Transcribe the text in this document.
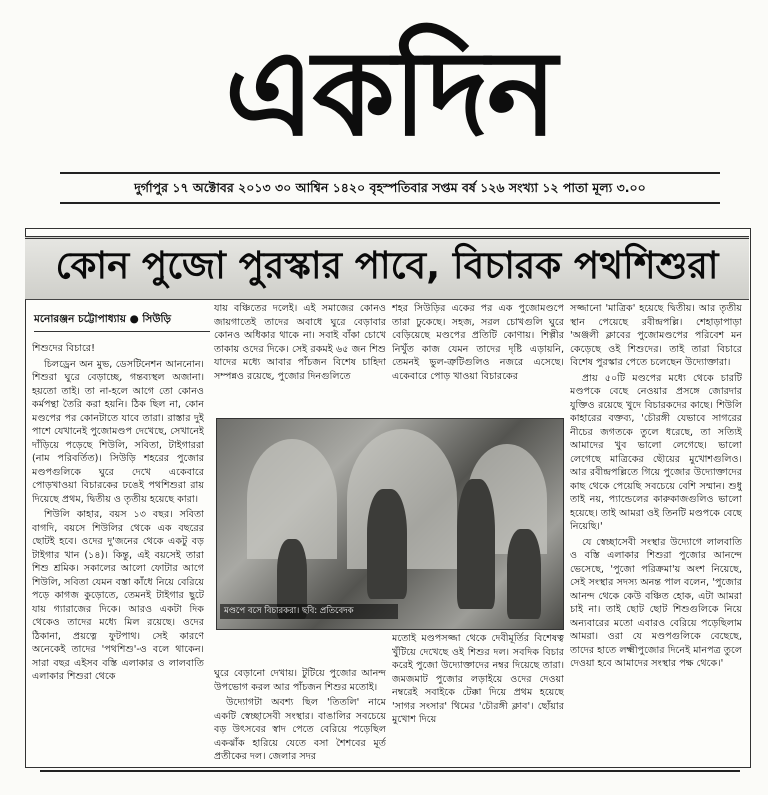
একদিন
দুর্গাপুর ১৭ অক্টোবর ২০১৩ ৩০ আশ্বিন ১৪২০ বৃহস্পতিবার সপ্তম বর্ষ ১২৬ সংখ্যা ১২ পাতা মূল্য ৩.০০
কোন পুজো পুরস্কার পাবে, বিচারক পথশিশুরা
মনোরঞ্জন চট্টোপাধ্যায় ● সিউড়ি

শিশুদের বিচারে!

চিলড্রেন অন মুভ, ডেসটিনেশন আননোন। শিশুরা ঘুরে বেড়াচ্ছে, গন্তব্যস্থল অজানা। হয়তো তাই। তা না-হলে আগে তো কোনও কর্মপন্থা তৈরি করা হয়নি। ঠিক ছিল না, কোন মণ্ডপের পর কোনটাতে যাবে তারা। রাস্তার দুই পাশে যেখানেই পুজোমণ্ডপ দেখেছে, সেখানেই দাঁড়িয়ে পড়েছে শিউলি, সবিতা, টাইগাররা (নাম পরিবর্তিত)। সিউড়ি শহরের পুজোর মণ্ডপগুলিকে ঘুরে দেখে একেবারে পোড়খাওয়া বিচারকের ঢঙেই পথশিশুরা রায় দিয়েছে প্রথম, দ্বিতীয় ও তৃতীয় হয়েছে কারা।

শিউলি কাহার, বয়স ১৩ বছর। সবিতা বাগদি, বয়সে শিউলির থেকে এক বছরের ছোটই হবে। ওদের দু'জনের থেকে একটু বড় টাইগার খান (১৪)। কিন্তু, এই বয়সেই তারা শিশু শ্রমিক। সকালের আলো ফোটার আগে শিউলি, সবিতা যেমন বস্তা কাঁধে নিয়ে বেরিয়ে পড়ে কাগজ কুড়োতে, তেমনই টাইগার ছুটে যায় গ্যারাজের দিকে। আরও একটা দিক থেকেও তাদের মধ্যে মিল রয়েছে। ওদের ঠিকানা, প্রয়ত্নে ফুটপাথ। সেই কারণে অনেকেই তাদের 'পথশিশু'-ও বলে থাকেন। সারা বছর এইসব বস্তি এলাকার ও লালবাতি এলাকার শিশুরা থেকে

যায় বঞ্চিতের দলেই। এই সমাজের কোনও জায়গাতেই তাদের অবাধে ঘুরে বেড়াবার কোনও অধিকার থাকে না। সবাই বাঁকা চোখে তাকায় ওদের দিকে। সেই রকমই ৬৫ জন শিশু যাদের মধ্যে আবার পাঁচজন বিশেষ চাহিদা সম্পন্নও রয়েছে, পুজোর দিনগুলিতে

শহর সিউড়ির একের পর এক পুজোমণ্ডপে তারা ঢুকেছে। সহজ, সরল চোখগুলি ঘুরে বেড়িয়েছে মণ্ডপের প্রতিটি কোণায়। শিল্পীর নিখুঁত কাজ যেমন তাদের দৃষ্টি এড়ায়নি, তেমনই ভুল-ত্রুটিগুলিও নজরে এসেছে। একেবারে পোড় খাওয়া বিচারকের

মণ্ডপে বসে বিচারকরা। ছবি: প্রতিবেদক

ঘুরে বেড়ানো দেখায়। টুটিয়ে পুজোর আনন্দ উপভোগ করল আর পাঁচজন শিশুর মতোই।

উদ্যোগটা অবশ্য ছিল 'তিতলি' নামে একটি স্বেচ্ছাসেবী সংস্থার। বাঙালির সবচেয়ে বড় উৎসবের স্বাদ পেতে বেরিয়ে পড়েছিল একঝাঁক হারিয়ে যেতে বসা শৈশবের মূর্ত প্রতীকের দল। জেলার সদর

মতোই মণ্ডপসজ্জা থেকে দেবীমূর্তির বিশেষত্ব খুঁটিয়ে দেখেছে ওই শিশুর দল। সবদিক বিচার করেই পুজো উদ্যোক্তাদের নম্বর দিয়েছে তারা। জমজমাট পুজোর লড়াইয়ে ওদের দেওয়া নম্বরেই সবাইকে টেক্কা দিয়ে প্রথম হয়েছে 'সাগর সংসার' থিমের 'চৌরঙ্গী ক্লাব'। ছোঁয়ার মুখোশ দিয়ে

সজ্জানো 'মাত্রিক' হয়েছে দ্বিতীয়। আর তৃতীয় স্থান পেয়েছে রবীন্দ্রপল্লি। শেহাড়াপাড়া 'অঞ্জলী ক্লাবের পুজোমণ্ডপের পরিবেশ মন কেড়েছে ওই শিশুদের। তাই তারা বিচারে বিশেষ পুরস্কার পেতে চলেছেন উদ্যোক্তারা।

প্রায় ৫০টি মণ্ডপের মধ্যে থেকে চারটি মণ্ডপকে বেছে নেওয়ার প্রসঙ্গে জোরদার যুক্তিও রয়েছে খুদে বিচারকদের কাছে। শিউলি কাহারের বক্তব্য, 'চৌরঙ্গী যেভাবে সাগরের নীচের জগতকে তুলে ধরেছে, তা সত্যিই আমাদের খুব ভালো লেগেছে। ভালো লেগেছে মাত্রিকের ছৌয়ের মুখোশগুলিও। আর রবীন্দ্রপল্লিতে গিয়ে পুজোর উদ্যোক্তাদের কাছ থেকে পেয়েছি সবচেয়ে বেশি সম্মান। শুধু তাই নয়, প্যান্ডেলের কারুকাজগুলিও ভালো হয়েছে। তাই আমরা ওই তিনটি মণ্ডপকে বেছে নিয়েছি।'

যে স্বেচ্ছাসেবী সংস্থার উদ্যোগে লালবাতি ও বস্তি এলাকার শিশুরা পুজোর আনন্দে ভেসেছে, 'পুজো পরিক্রমা'য় অংশ নিয়েছে, সেই সংস্থার সদস্য অনন্ত পাল বলেন, 'পুজোর আনন্দ থেকে কেউ বঞ্চিত হোক, এটা আমরা চাই না। তাই ছোট ছোট শিশুগুলিকে নিয়ে অন্যবারের মতো এবারও বেরিয়ে পড়েছিলাম আমরা। ওরা যে মণ্ডপগুলিকে বেছেছে, তাদের হাতে লক্ষ্মীপুজোর দিনেই মানপত্র তুলে দেওয়া হবে আমাদের সংস্থার পক্ষ থেকে।'
